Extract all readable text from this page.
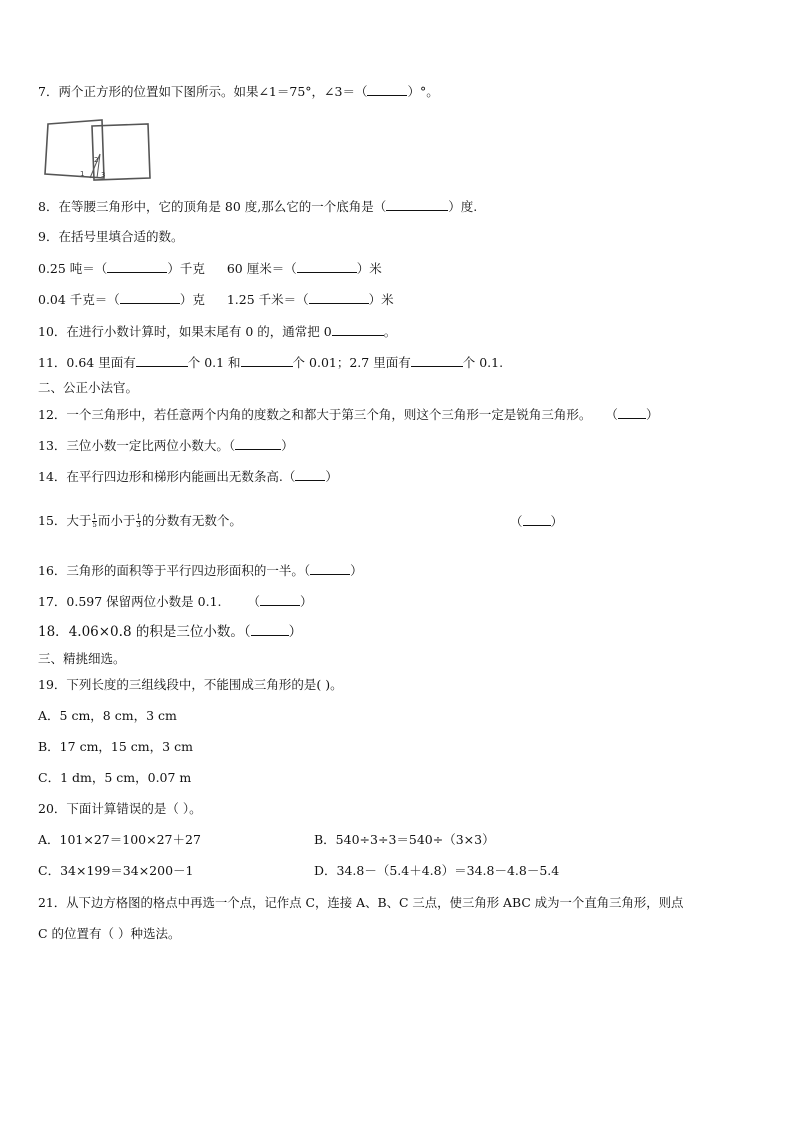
7．两个正方形的位置如下图所示。如果∠1＝75°，∠3＝（	）°。
1
2
3
8．在等腰三角形中，它的顶角是 80 度,那么它的一个底角是（	）度.
9．在括号里填合适的数。
0.25 吨＝（	）千克 60 厘米＝（	）米
0.04 千克＝（	）克 1.25 千米＝（	）米
10．在进行小数计算时，如果末尾有 0 的，通常把 0	。
11．0.64 里面有	个 0.1 和	个 0.01；2.7 里面有	个 0.1.
二、公正小法官。
12．一个三角形中，若任意两个内角的度数之和都大于第三个角，则这个三角形一定是锐角三角形。 （ ）
13．三位小数一定比两位小数大。（	）
14．在平行四边形和梯形内能画出无数条高.（ ）
15．大于 $\frac{1}{5}$ 而小于 $\frac{1}{3}$ 的分数有无数个。	（ ）
16．三角形的面积等于平行四边形面积的一半。（	）
17．0.597 保留两位小数是 0.1. （	）
18．4.06×0.8 的积是三位小数。（	）
三、精挑细选。
19．下列长度的三组线段中，不能围成三角形的是( )。
A．5 cm，8 cm，3 cm
B．17 cm，15 cm，3 cm
C．1 dm，5 cm，0.07 m
20．下面计算错误的是（ ）。
A．101×27＝100×27＋27	B．540÷3÷3＝540÷（3×3）
C．34×199＝34×200－1	D．34.8－（5.4＋4.8）＝34.8－4.8－5.4
21．从下边方格图的格点中再选一个点，记作点 C，连接 A、B、C 三点，使三角形 ABC 成为一个直角三角形，则点
C 的位置有（ ）种选法。
